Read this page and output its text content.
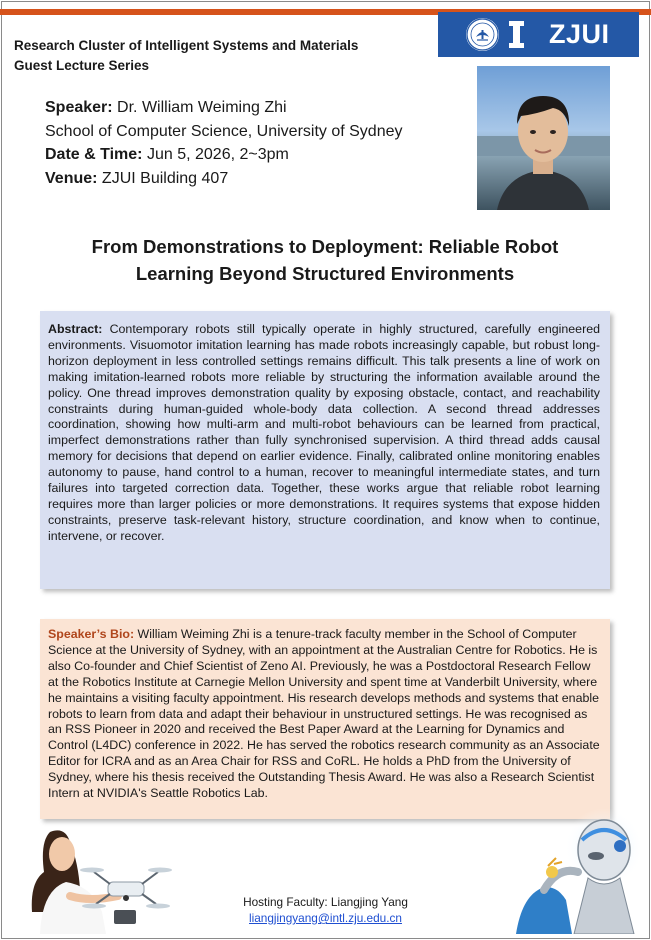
ZJUI
Research Cluster of Intelligent Systems and Materials
Guest Lecture Series
Speaker: Dr. William Weiming Zhi
School of Computer Science, University of Sydney
Date & Time: Jun 5, 2026, 2~3pm
Venue: ZJUI Building 407
From Demonstrations to Deployment: Reliable Robot
Learning Beyond Structured Environments
Abstract: Contemporary robots still typically operate in highly structured, carefully engineered environments. Visuomotor imitation learning has made robots increasingly capable, but robust long-horizon deployment in less controlled settings remains difficult. This talk presents a line of work on making imitation-learned robots more reliable by structuring the information available around the policy. One thread improves demonstration quality by exposing obstacle, contact, and reachability constraints during human-guided whole-body data collection. A second thread addresses coordination, showing how multi-arm and multi-robot behaviours can be learned from practical, imperfect demonstrations rather than fully synchronised supervision. A third thread adds causal memory for decisions that depend on earlier evidence. Finally, calibrated online monitoring enables autonomy to pause, hand control to a human, recover to meaningful intermediate states, and turn failures into targeted correction data. Together, these works argue that reliable robot learning requires more than larger policies or more demonstrations. It requires systems that expose hidden constraints, preserve task-relevant history, structure coordination, and know when to continue, intervene, or recover.
Speaker’s Bio: William Weiming Zhi is a tenure-track faculty member in the School of Computer Science at the University of Sydney, with an appointment at the Australian Centre for Robotics. He is also Co-founder and Chief Scientist of Zeno AI. Previously, he was a Postdoctoral Research Fellow at the Robotics Institute at Carnegie Mellon University and spent time at Vanderbilt University, where he maintains a visiting faculty appointment. His research develops methods and systems that enable robots to learn from data and adapt their behaviour in unstructured settings. He was recognised as an RSS Pioneer in 2020 and received the Best Paper Award at the Learning for Dynamics and Control (L4DC) conference in 2022. He has served the robotics research community as an Associate Editor for ICRA and as an Area Chair for RSS and CoRL. He holds a PhD from the University of Sydney, where his thesis received the Outstanding Thesis Award. He was also a Research Scientist Intern at NVIDIA's Seattle Robotics Lab.
Hosting Faculty: Liangjing Yang
liangjingyang@intl.zju.edu.cn
